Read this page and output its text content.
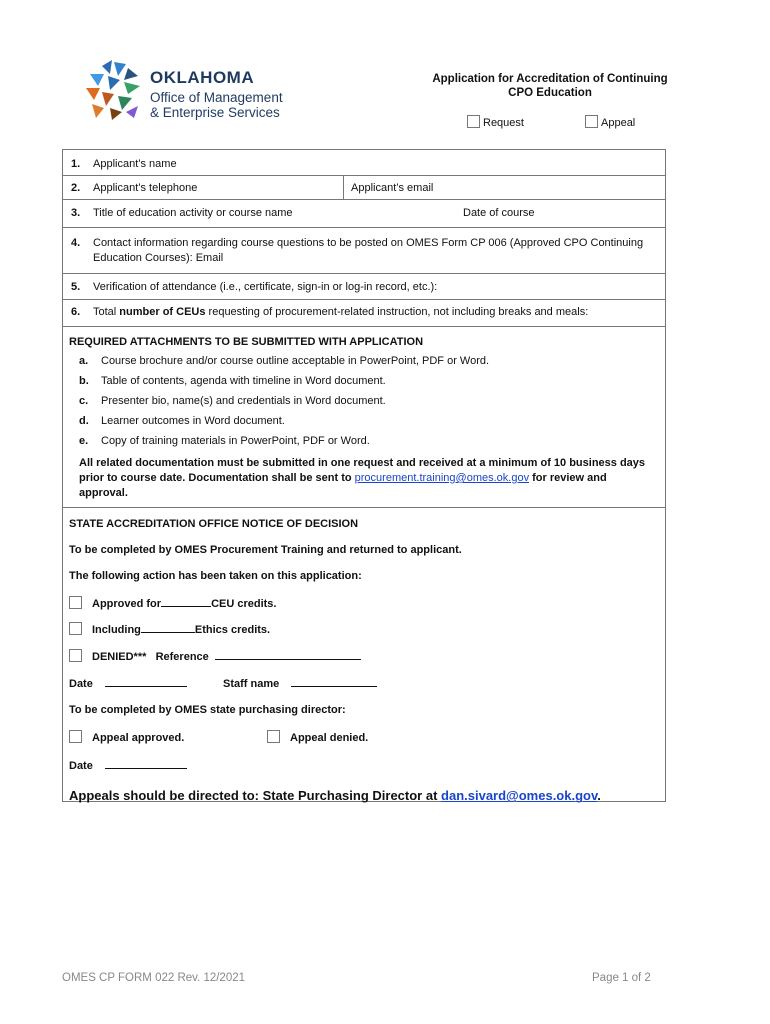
OKLAHOMA
Office of Management
& Enterprise Services
Application for Accreditation of Continuing
CPO Education
Request	Appeal
1. Applicant’s name
2. Applicant’s telephone	Applicant’s email
3. Title of education activity or course name	Date of course
4. Contact information regarding course questions to be posted on OMES Form CP 006 (Approved CPO Continuing
Education Courses): Email
5. Verification of attendance (i.e., certificate, sign-in or log-in record, etc.):
6. Total number of CEUs requesting of procurement-related instruction, not including breaks and meals:
REQUIRED ATTACHMENTS TO BE SUBMITTED WITH APPLICATION
a. Course brochure and/or course outline acceptable in PowerPoint, PDF or Word.
b. Table of contents, agenda with timeline in Word document.
c. Presenter bio, name(s) and credentials in Word document.
d. Learner outcomes in Word document.
e. Copy of training materials in PowerPoint, PDF or Word.
All related documentation must be submitted in one request and received at a minimum of 10 business days
prior to course date. Documentation shall be sent to procurement.training@omes.ok.gov for review and
approval.
STATE ACCREDITATION OFFICE NOTICE OF DECISION
To be completed by OMES Procurement Training and returned to applicant.
The following action has been taken on this application:
Approved for	CEU credits.
Including	Ethics credits.
DENIED*** Reference
Date	Staff name
To be completed by OMES state purchasing director:
Appeal approved.	Appeal denied.
Date
Appeals should be directed to: State Purchasing Director at dan.sivard@omes.ok.gov.
OMES CP FORM 022 Rev. 12/2021	Page 1 of 2
